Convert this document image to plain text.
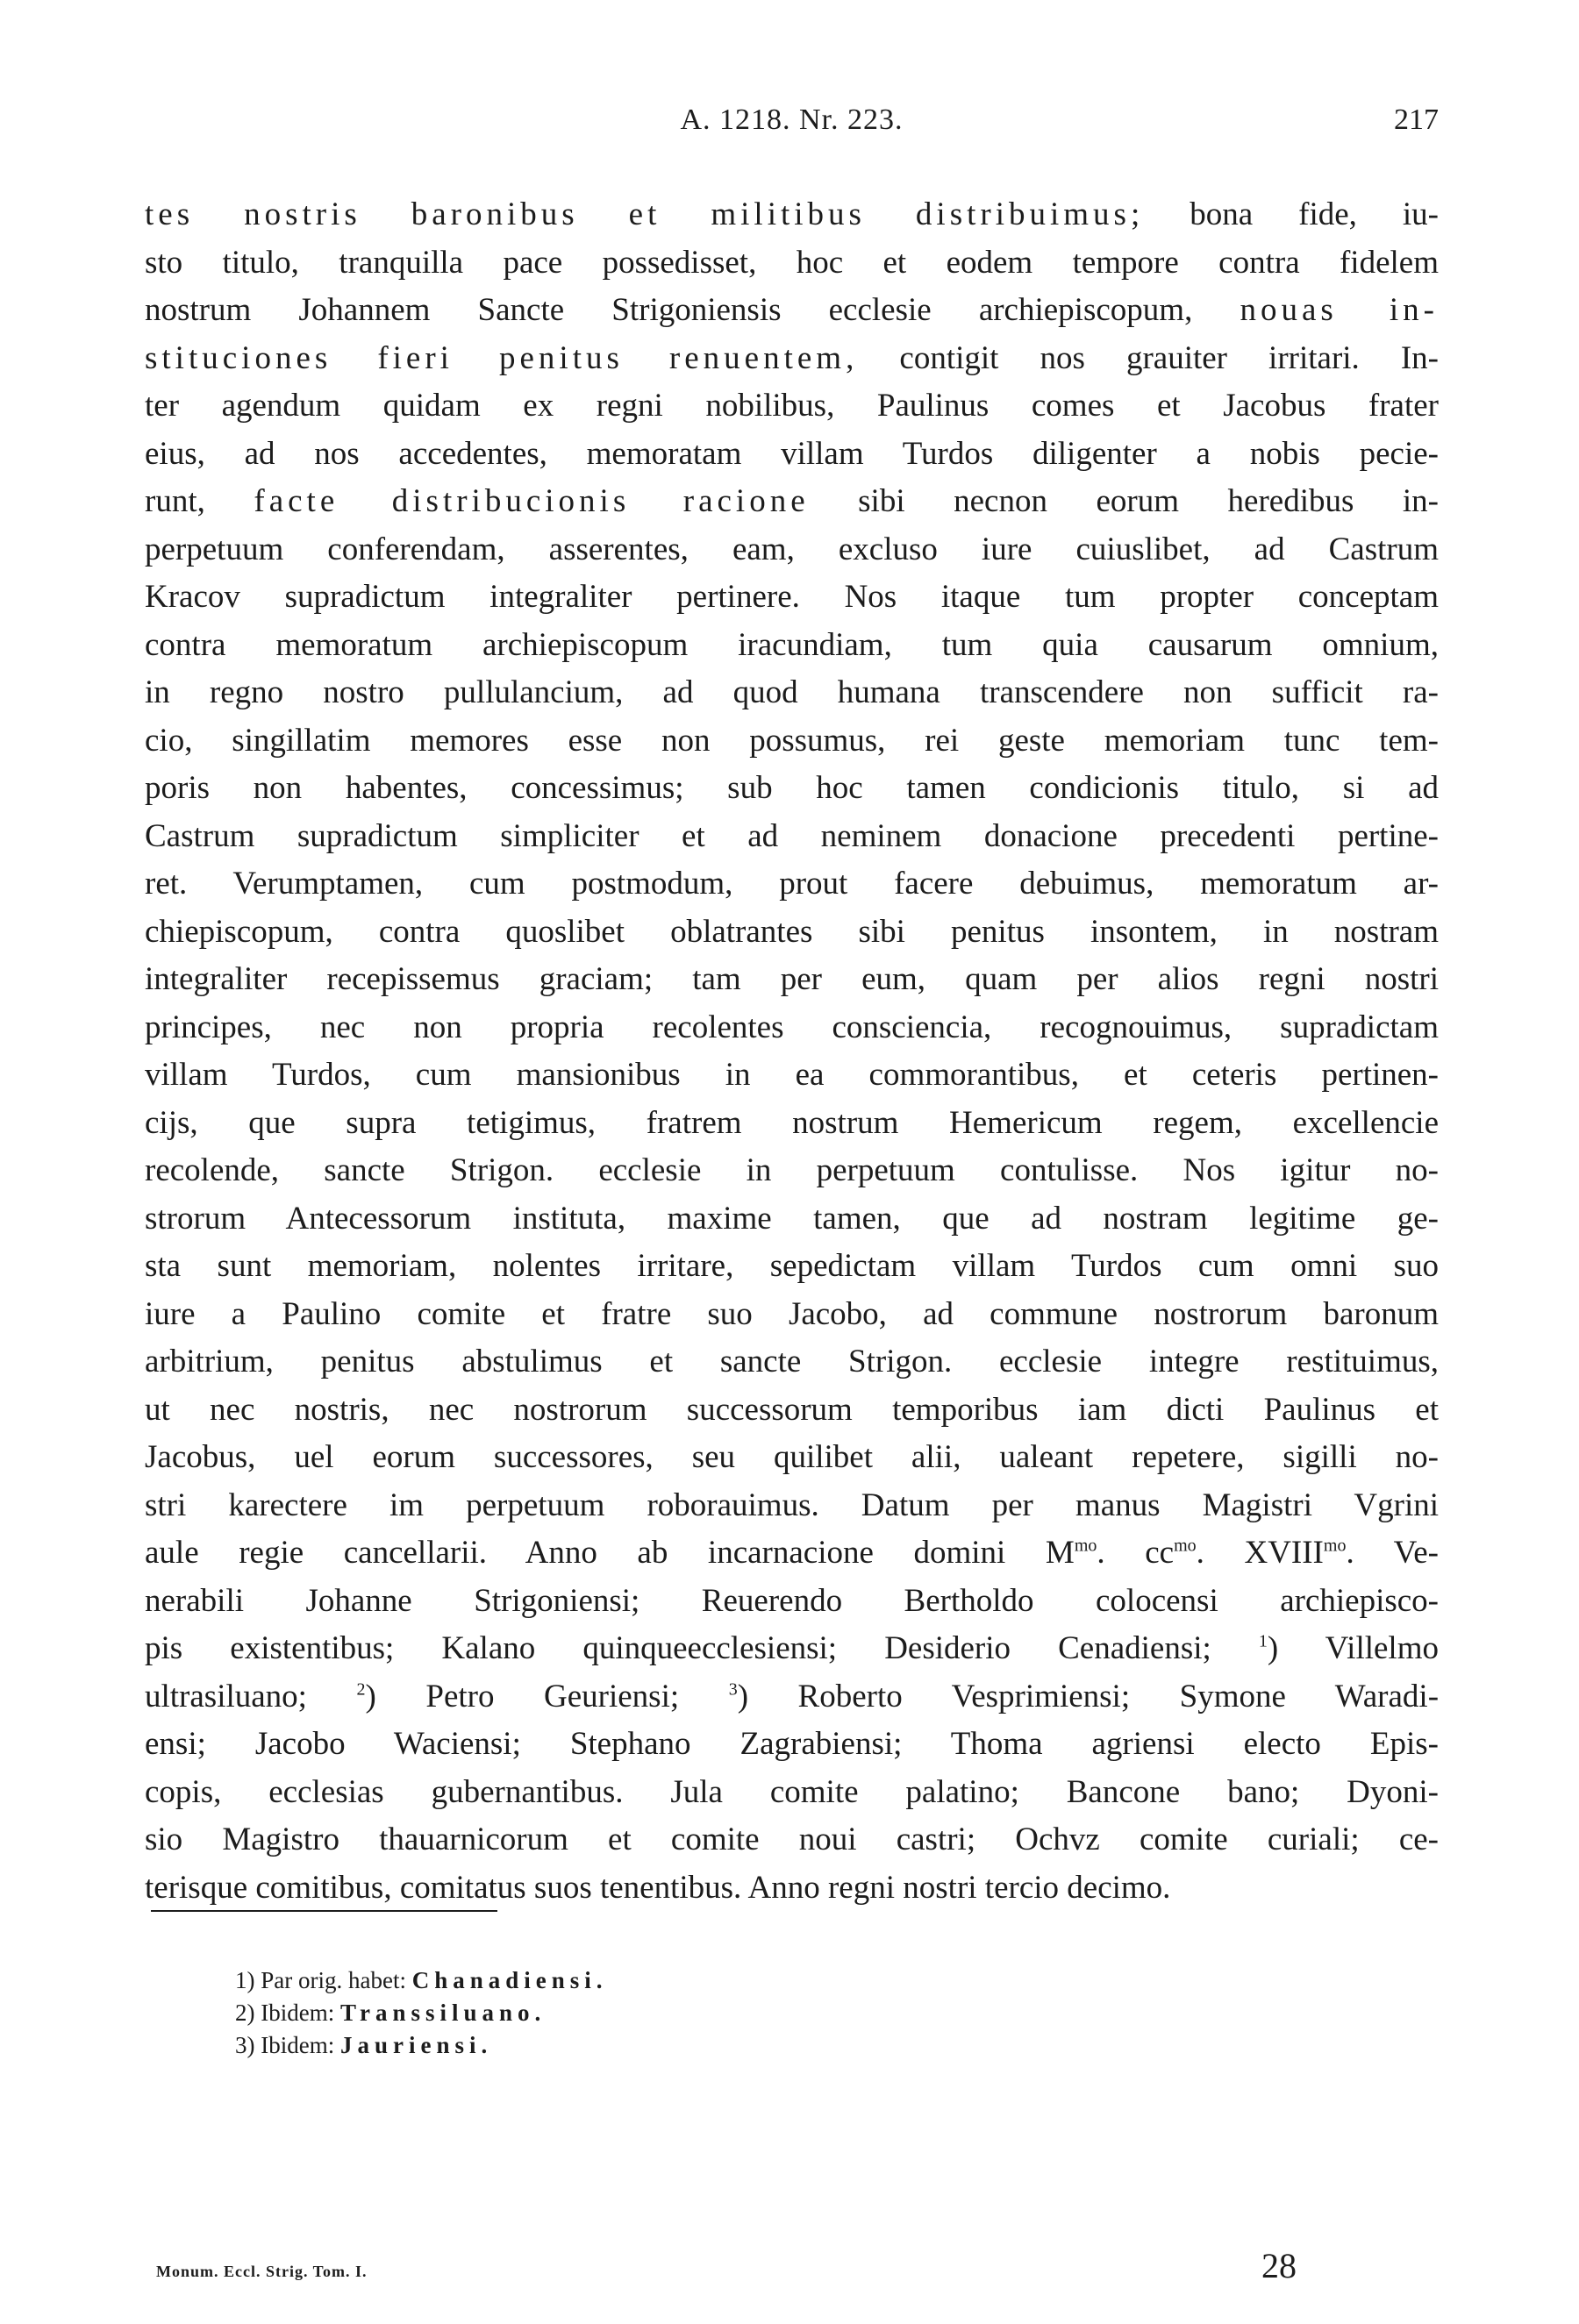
A. 1218. Nr. 223.	217
tes nostris baronibus et militibus distribuimus; bona fide, iu-
sto titulo, tranquilla pace possedisset, hoc et eodem tempore contra fidelem
nostrum Johannem Sancte Strigoniensis ecclesie archiepiscopum, nouas in-
stituciones fieri penitus renuentem, contigit nos grauiter irritari. In-
ter agendum quidam ex regni nobilibus, Paulinus comes et Jacobus frater
eius, ad nos accedentes, memoratam villam Turdos diligenter a nobis pecie-
runt, facte distribucionis racione sibi necnon eorum heredibus in-
perpetuum conferendam, asserentes, eam, excluso iure cuiuslibet, ad Castrum
Kracov supradictum integraliter pertinere. Nos itaque tum propter conceptam
contra memoratum archiepiscopum iracundiam, tum quia causarum omnium,
in regno nostro pullulancium, ad quod humana transcendere non sufficit ra-
cio, singillatim memores esse non possumus, rei geste memoriam tunc tem-
poris non habentes, concessimus; sub hoc tamen condicionis titulo, si ad
Castrum supradictum simpliciter et ad neminem donacione precedenti pertine-
ret. Verumptamen, cum postmodum, prout facere debuimus, memoratum ar-
chiepiscopum, contra quoslibet oblatrantes sibi penitus insontem, in nostram
integraliter recepissemus graciam; tam per eum, quam per alios regni nostri
principes, nec non propria recolentes consciencia, recognouimus, supradictam
villam Turdos, cum mansionibus in ea commorantibus, et ceteris pertinen-
cijs, que supra tetigimus, fratrem nostrum Hemericum regem, excellencie
recolende, sancte Strigon. ecclesie in perpetuum contulisse. Nos igitur no-
strorum Antecessorum instituta, maxime tamen, que ad nostram legitime ge-
sta sunt memoriam, nolentes irritare, sepedictam villam Turdos cum omni suo
iure a Paulino comite et fratre suo Jacobo, ad commune nostrorum baronum
arbitrium, penitus abstulimus et sancte Strigon. ecclesie integre restituimus,
ut nec nostris, nec nostrorum successorum temporibus iam dicti Paulinus et
Jacobus, uel eorum successores, seu quilibet alii, ualeant repetere, sigilli no-
stri karectere im perpetuum roborauimus. Datum per manus Magistri Vgrini
aule regie cancellarii. Anno ab incarnacione domini $M^{mo}$. $cc^{mo}$. $XVIII^{mo}$. Ve-
nerabili Johanne Strigoniensi; Reuerendo Bertholdo colocensi archiepisco-
pis existentibus; Kalano quinqueecclesiensi; Desiderio Cenadiensi; $^1$) Villelmo
ultrasiluano; $^2$) Petro Geuriensi; $^3$) Roberto Vesprimiensi; Symone Waradi-
ensi; Jacobo Waciensi; Stephano Zagrabiensi; Thoma agriensi electo Epis-
copis, ecclesias gubernantibus. Jula comite palatino; Bancone bano; Dyoni-
sio Magistro thauarnicorum et comite noui castri; Ochvz comite curiali; ce-
terisque comitibus, comitatus suos tenentibus. Anno regni nostri tercio decimo.
1) Par orig. habet: Chanadiensi.
2) Ibidem: Transsiluano.
3) Ibidem: Jauriensi.
Monum. Eccl. Strig. Tom. I.	28
